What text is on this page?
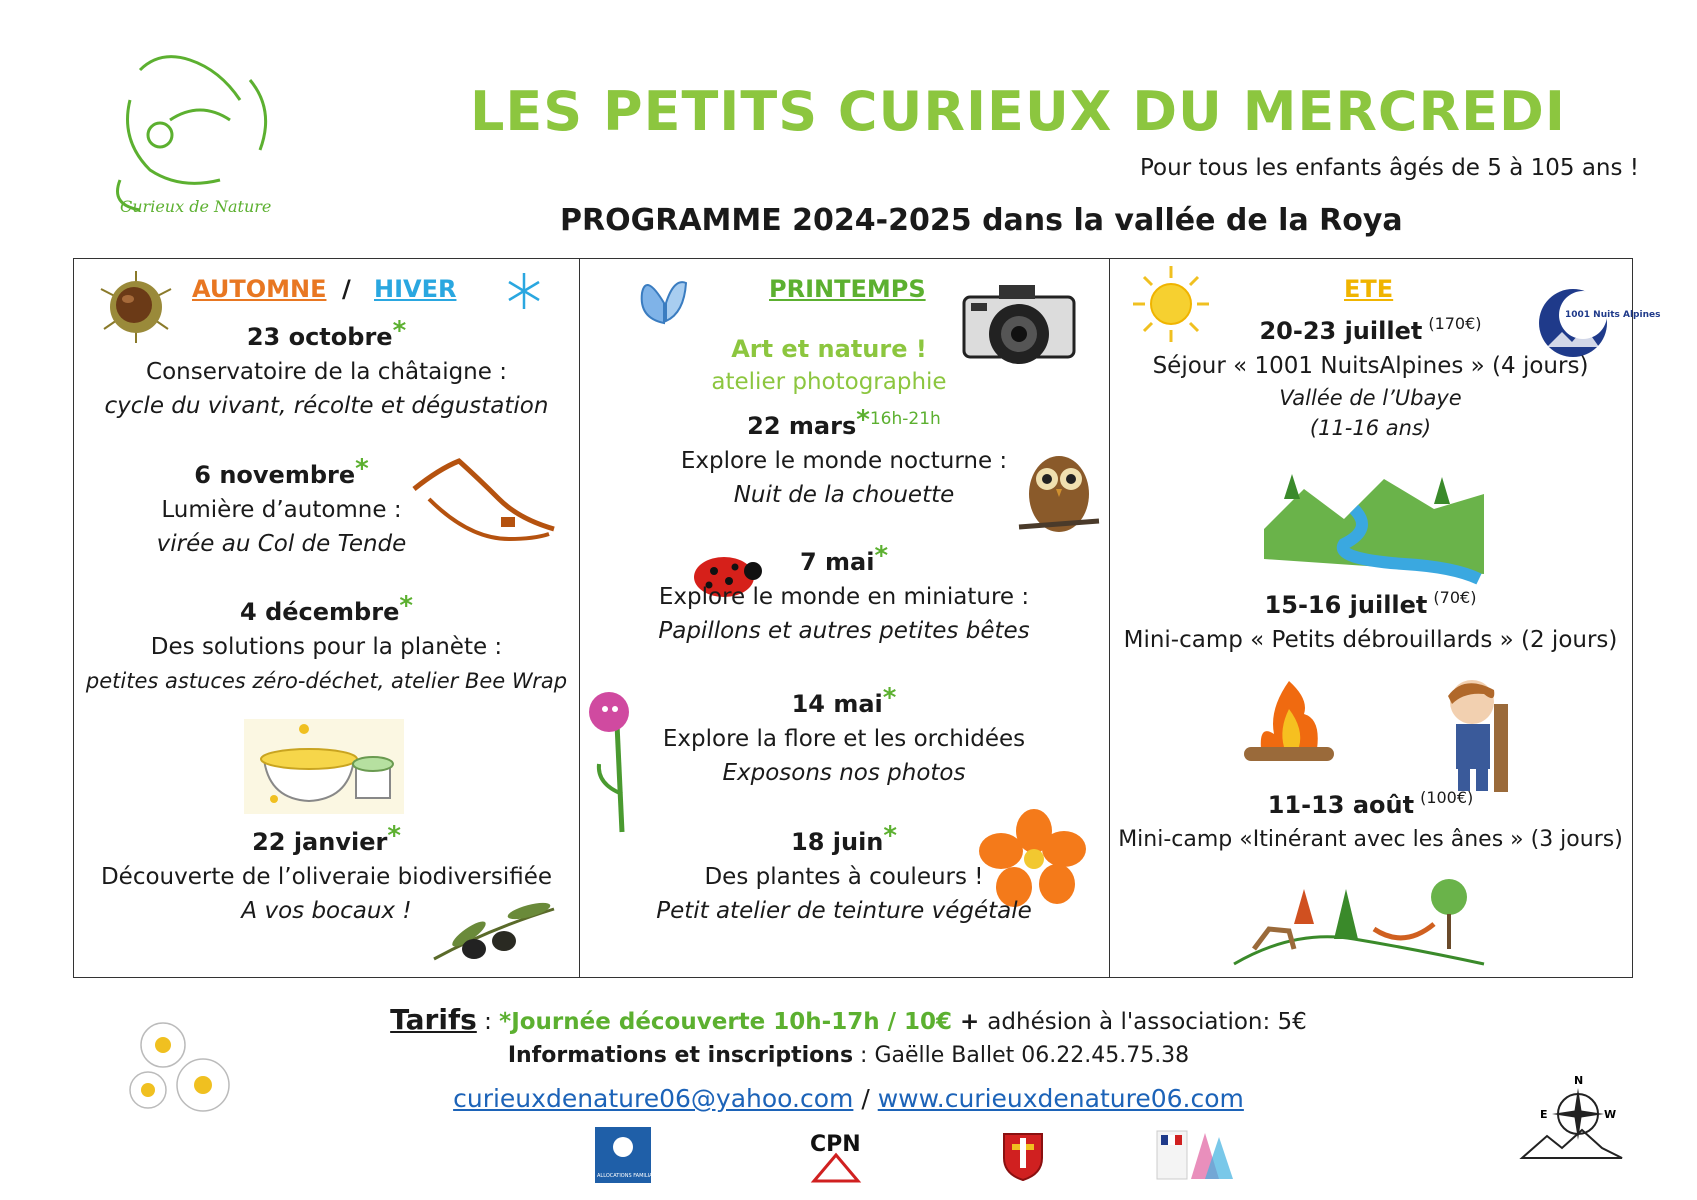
Curieux de Nature
LES PETITS CURIEUX DU MERCREDI
Pour tous les enfants âgés de 5 à 105 ans !
PROGRAMME 2024-2025 dans la vallée de la Roya
AUTOMNE / HIVER
23 octobre*
Conservatoire de la châtaigne :
cycle du vivant, récolte et dégustation
6 novembre*
Lumière d’automne :
virée au Col de Tende
4 décembre*
Des solutions pour la planète :
petites astuces zéro-déchet, atelier Bee Wrap
22 janvier*
Découverte de l’oliveraie biodiversifiée
A vos bocaux !
PRINTEMPS
Art et nature !
atelier photographie
22 mars*$^{16h-21h}$
Explore le monde nocturne :
Nuit de la chouette
7 mai*
Explore le monde en miniature :
Papillons et autres petites bêtes
14 mai*
Explore la flore et les orchidées
Exposons nos photos
18 juin*
Des plantes à couleurs !
Petit atelier de teinture végétale
ETE
1001 Nuits Alpines
20-23 juillet $^{(170€)}$
Séjour « 1001 NuitsAlpines » (4 jours)
Vallée de l’Ubaye
(11-16 ans)
15-16 juillet $^{(70€)}$
Mini-camp « Petits débrouillards » (2 jours)
11-13 août $^{(100€)}$
Mini-camp «Itinérant avec les ânes » (3 jours)
Tarifs : *Journée découverte 10h-17h / 10€ + adhésion à l'association: 5€
Informations et inscriptions : Gaëlle Ballet 06.22.45.75.38
curieuxdenature06@yahoo.com / www.curieuxdenature06.com
ALLOCATIONS FAMILIALES
CPN
N
E	W
